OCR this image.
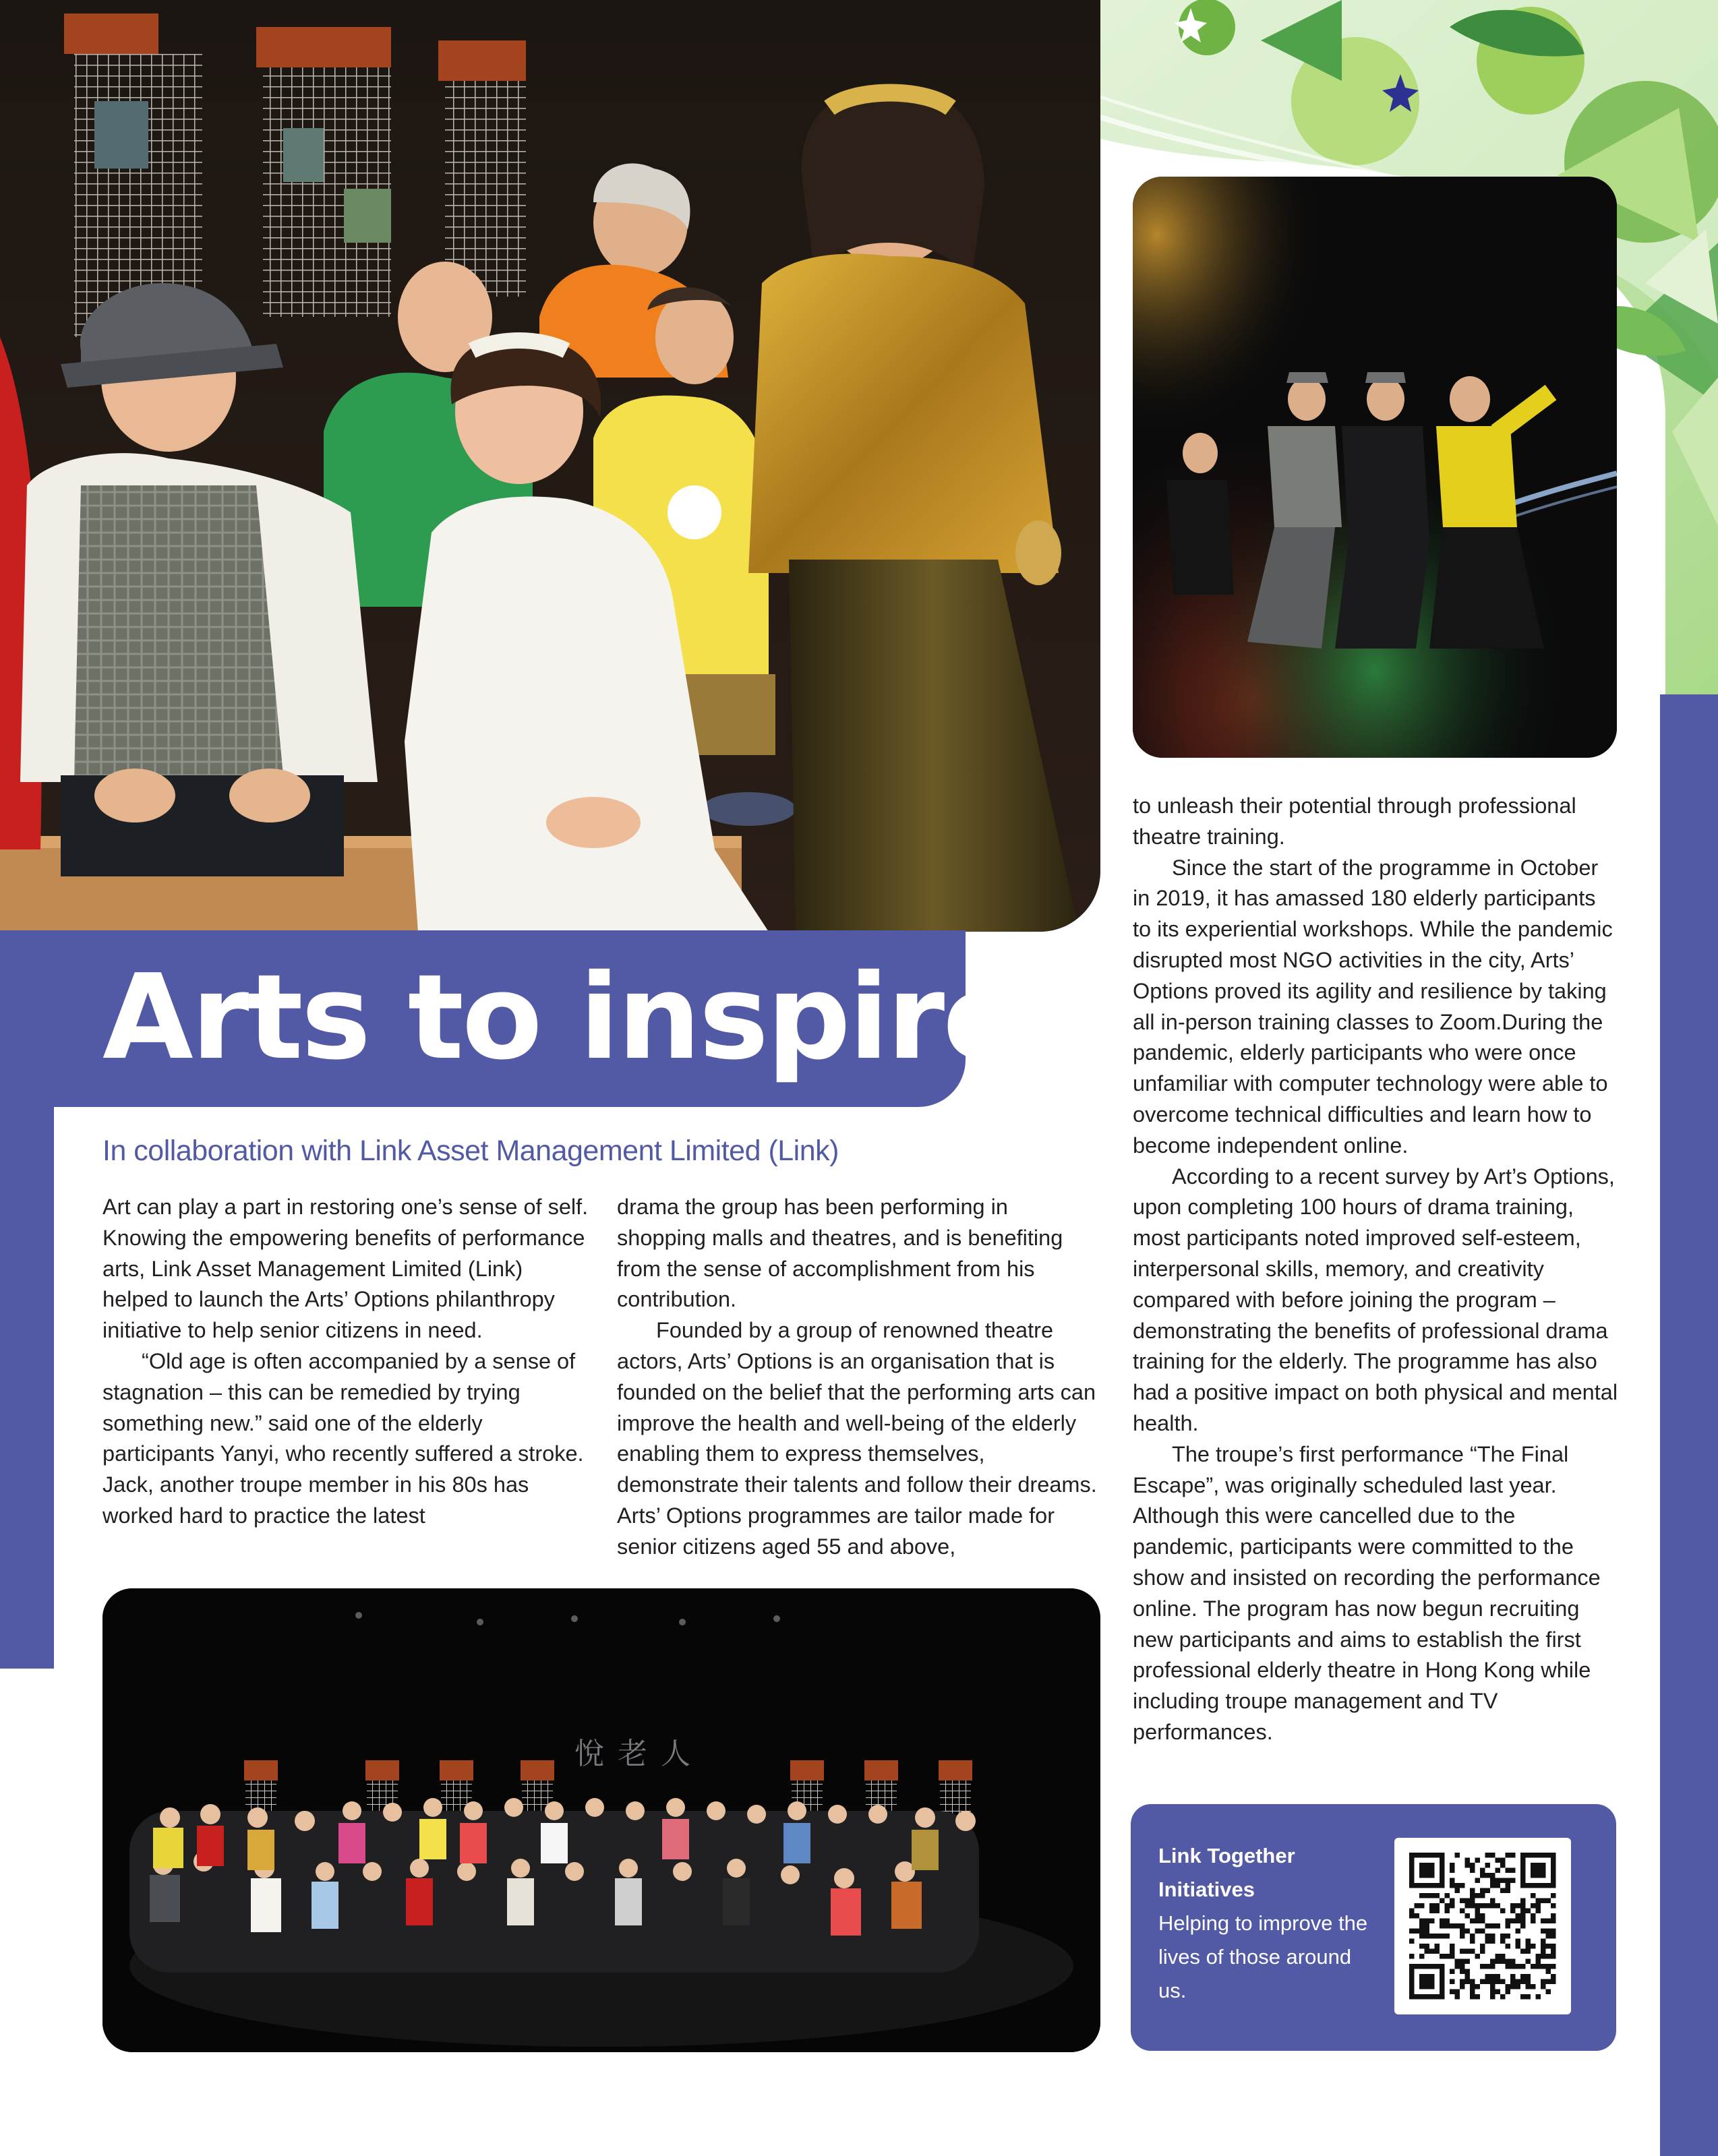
Arts to inspire

In collaboration with Link Asset Management Limited (Link)

Art can play a part in restoring one’s sense of self. Knowing the empowering benefits of performance arts, Link Asset Management Limited (Link) helped to launch the Arts’ Options philanthropy initiative to help senior citizens in need.

“Old age is often accompanied by a sense of stagnation – this can be remedied by trying something new.” said one of the elderly participants Yanyi, who recently suffered a stroke. Jack, another troupe member in his 80s has worked hard to practice the latest

drama the group has been performing in shopping malls and theatres, and is benefiting from the sense of accomplishment from his contribution.

Founded by a group of renowned theatre actors, Arts’ Options is an organisation that is founded on the belief that the performing arts can improve the health and well-being of the elderly enabling them to express themselves, demonstrate their talents and follow their dreams. Arts’ Options programmes are tailor made for senior citizens aged 55 and above,

to unleash their potential through professional theatre training.

Since the start of the programme in October in 2019, it has amassed 180 elderly participants to its experiential workshops. While the pandemic disrupted most NGO activities in the city, Arts’ Options proved its agility and resilience by taking all in-person training classes to Zoom.During the pandemic, elderly participants who were once unfamiliar with computer technology were able to overcome technical difficulties and learn how to become independent online.

According to a recent survey by Art’s Options, upon completing 100 hours of drama training, most participants noted improved self-esteem, interpersonal skills, memory, and creativity compared with before joining the program – demonstrating the benefits of professional drama training for the elderly. The programme has also had a positive impact on both physical and mental health.

The troupe’s first performance “The Final Escape”, was originally scheduled last year. Although this were cancelled due to the pandemic, participants were committed to the show and insisted on recording the performance online. The program has now begun recruiting new participants and aims to establish the first professional elderly theatre in Hong Kong while including troupe management and TV performances.

悅老人

Link Together Initiatives

Helping to improve the lives of those around us.
